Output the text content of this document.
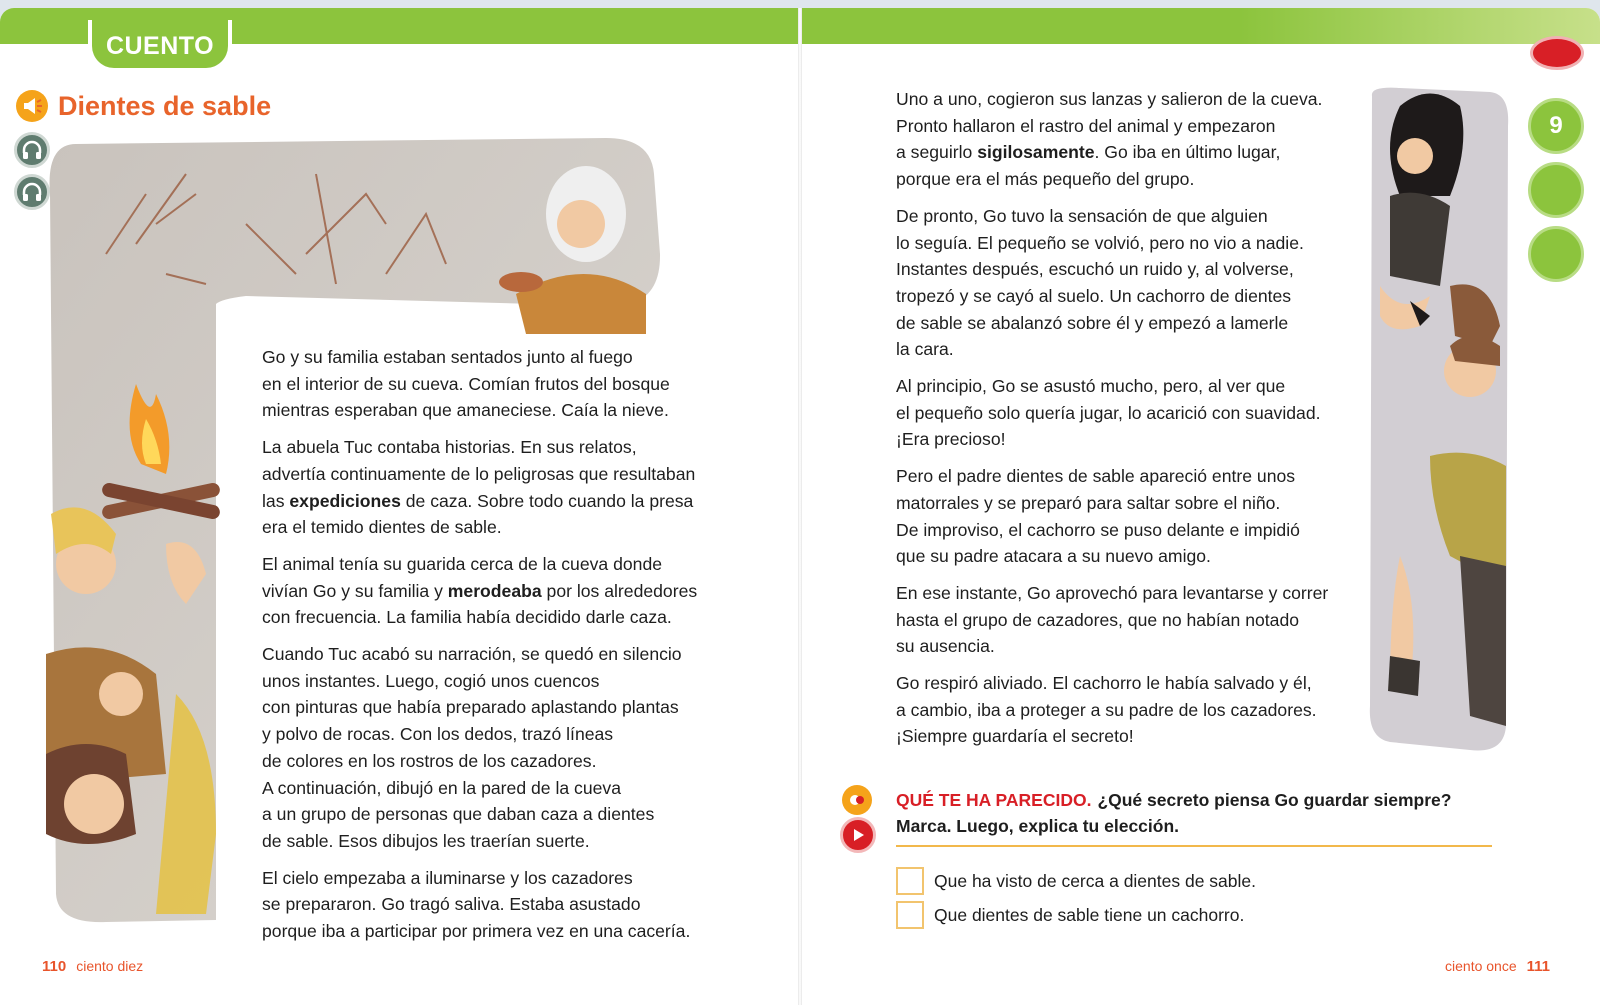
CUENTO
Dientes de sable

Go y su familia estaban sentados junto al fuego
en el interior de su cueva. Comían frutos del bosque
mientras esperaban que amaneciese. Caía la nieve.

La abuela Tuc contaba historias. En sus relatos,
advertía continuamente de lo peligrosas que resultaban
las expediciones de caza. Sobre todo cuando la presa
era el temido dientes de sable.

El animal tenía su guarida cerca de la cueva donde
vivían Go y su familia y merodeaba por los alrededores
con frecuencia. La familia había decidido darle caza.

Cuando Tuc acabó su narración, se quedó en silencio
unos instantes. Luego, cogió unos cuencos
con pinturas que había preparado aplastando plantas
y polvo de rocas. Con los dedos, trazó líneas
de colores en los rostros de los cazadores.
A continuación, dibujó en la pared de la cueva
a un grupo de personas que daban caza a dientes
de sable. Esos dibujos les traerían suerte.

El cielo empezaba a iluminarse y los cazadores
se prepararon. Go tragó saliva. Estaba asustado
porque iba a participar por primera vez en una cacería.

110 ciento diez

Uno a uno, cogieron sus lanzas y salieron de la cueva.
Pronto hallaron el rastro del animal y empezaron
a seguirlo sigilosamente. Go iba en último lugar,
porque era el más pequeño del grupo.

De pronto, Go tuvo la sensación de que alguien
lo seguía. El pequeño se volvió, pero no vio a nadie.
Instantes después, escuchó un ruido y, al volverse,
tropezó y se cayó al suelo. Un cachorro de dientes
de sable se abalanzó sobre él y empezó a lamerle
la cara.

Al principio, Go se asustó mucho, pero, al ver que
el pequeño solo quería jugar, lo acarició con suavidad.
¡Era precioso!

Pero el padre dientes de sable apareció entre unos
matorrales y se preparó para saltar sobre el niño.
De improviso, el cachorro se puso delante e impidió
que su padre atacara a su nuevo amigo.

En ese instante, Go aprovechó para levantarse y correr
hasta el grupo de cazadores, que no habían notado
su ausencia.

Go respiró aliviado. El cachorro le había salvado y él,
a cambio, iba a proteger a su padre de los cazadores.
¡Siempre guardaría el secreto!

9
QUÉ TE HA PARECIDO. ¿Qué secreto piensa Go guardar siempre?
Marca. Luego, explica tu elección.
Que ha visto de cerca a dientes de sable.
Que dientes de sable tiene un cachorro.
ciento once 111
